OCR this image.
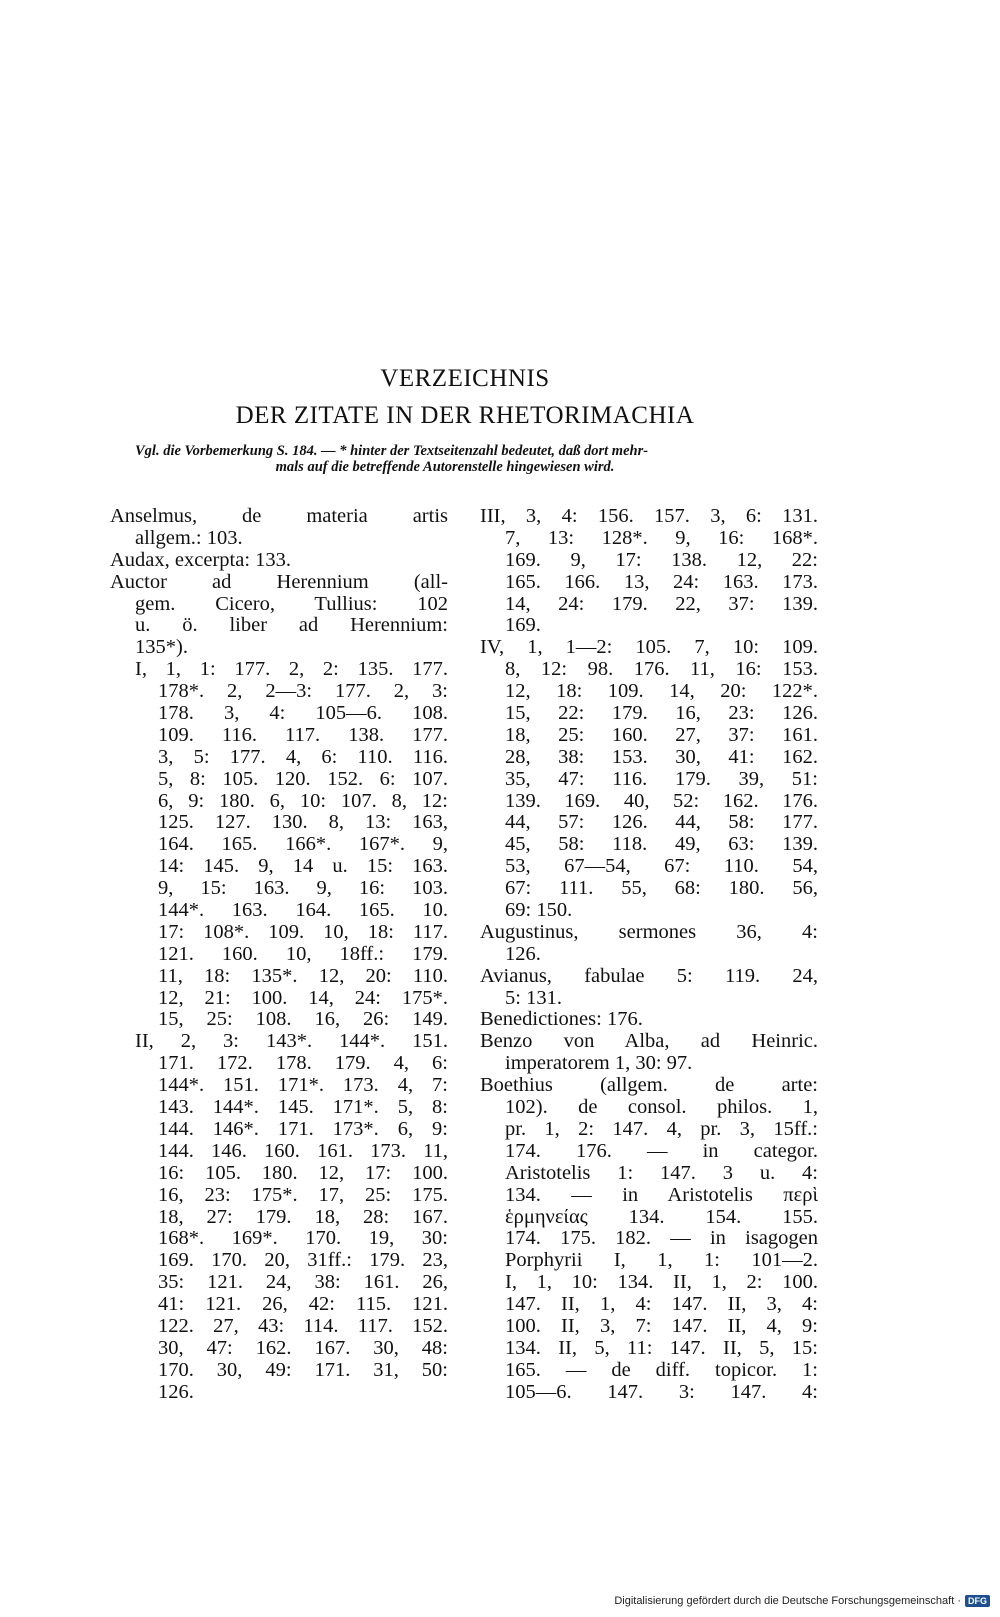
VERZEICHNIS
DER ZITATE IN DER RHETORIMACHIA
Vgl. die Vorbemerkung S. 184. — * hinter der Textseitenzahl bedeutet, daß dort mehr-
mals auf die betreffende Autorenstelle hingewiesen wird.
Anselmus, de materia artis
allgem.: 103.
Audax, excerpta: 133.
Auctor ad Herennium (all-
gem. Cicero, Tullius: 102
u. ö. liber ad Herennium:
135*).
I, 1, 1: 177. 2, 2: 135. 177.
178*. 2, 2—3: 177. 2, 3:
178. 3, 4: 105—6. 108.
109. 116. 117. 138. 177.
3, 5: 177. 4, 6: 110. 116.
5, 8: 105. 120. 152. 6: 107.
6, 9: 180. 6, 10: 107. 8, 12:
125. 127. 130. 8, 13: 163,
164. 165. 166*. 167*. 9,
14: 145. 9, 14 u. 15: 163.
9, 15: 163. 9, 16: 103.
144*. 163. 164. 165. 10.
17: 108*. 109. 10, 18: 117.
121. 160. 10, 18ff.: 179.
11, 18: 135*. 12, 20: 110.
12, 21: 100. 14, 24: 175*.
15, 25: 108. 16, 26: 149.
II, 2, 3: 143*. 144*. 151.
171. 172. 178. 179. 4, 6:
144*. 151. 171*. 173. 4, 7:
143. 144*. 145. 171*. 5, 8:
144. 146*. 171. 173*. 6, 9:
144. 146. 160. 161. 173. 11,
16: 105. 180. 12, 17: 100.
16, 23: 175*. 17, 25: 175.
18, 27: 179. 18, 28: 167.
168*. 169*. 170. 19, 30:
169. 170. 20, 31ff.: 179. 23,
35: 121. 24, 38: 161. 26,
41: 121. 26, 42: 115. 121.
122. 27, 43: 114. 117. 152.
30, 47: 162. 167. 30, 48:
170. 30, 49: 171. 31, 50:
126.
III, 3, 4: 156. 157. 3, 6: 131.
7, 13: 128*. 9, 16: 168*.
169. 9, 17: 138. 12, 22:
165. 166. 13, 24: 163. 173.
14, 24: 179. 22, 37: 139.
169.
IV, 1, 1—2: 105. 7, 10: 109.
8, 12: 98. 176. 11, 16: 153.
12, 18: 109. 14, 20: 122*.
15, 22: 179. 16, 23: 126.
18, 25: 160. 27, 37: 161.
28, 38: 153. 30, 41: 162.
35, 47: 116. 179. 39, 51:
139. 169. 40, 52: 162. 176.
44, 57: 126. 44, 58: 177.
45, 58: 118. 49, 63: 139.
53, 67—54, 67: 110. 54,
67: 111. 55, 68: 180. 56,
69: 150.
Augustinus, sermones 36, 4:
126.
Avianus, fabulae 5: 119. 24,
5: 131.
Benedictiones: 176.
Benzo von Alba, ad Heinric.
imperatorem 1, 30: 97.
Boethius (allgem. de arte:
102). de consol. philos. 1,
pr. 1, 2: 147. 4, pr. 3, 15ff.:
174. 176. — in categor.
Aristotelis 1: 147. 3 u. 4:
134. — in Aristotelis περὶ
ἑρμηνείας 134. 154. 155.
174. 175. 182. — in isagogen
Porphyrii I, 1, 1: 101—2.
I, 1, 10: 134. II, 1, 2: 100.
147. II, 1, 4: 147. II, 3, 4:
100. II, 3, 7: 147. II, 4, 9:
134. II, 5, 11: 147. II, 5, 15:
165. — de diff. topicor. 1:
105—6. 147. 3: 147. 4:
Digitalisierung gefördert durch die Deutsche Forschungsgemeinschaft · DFG
